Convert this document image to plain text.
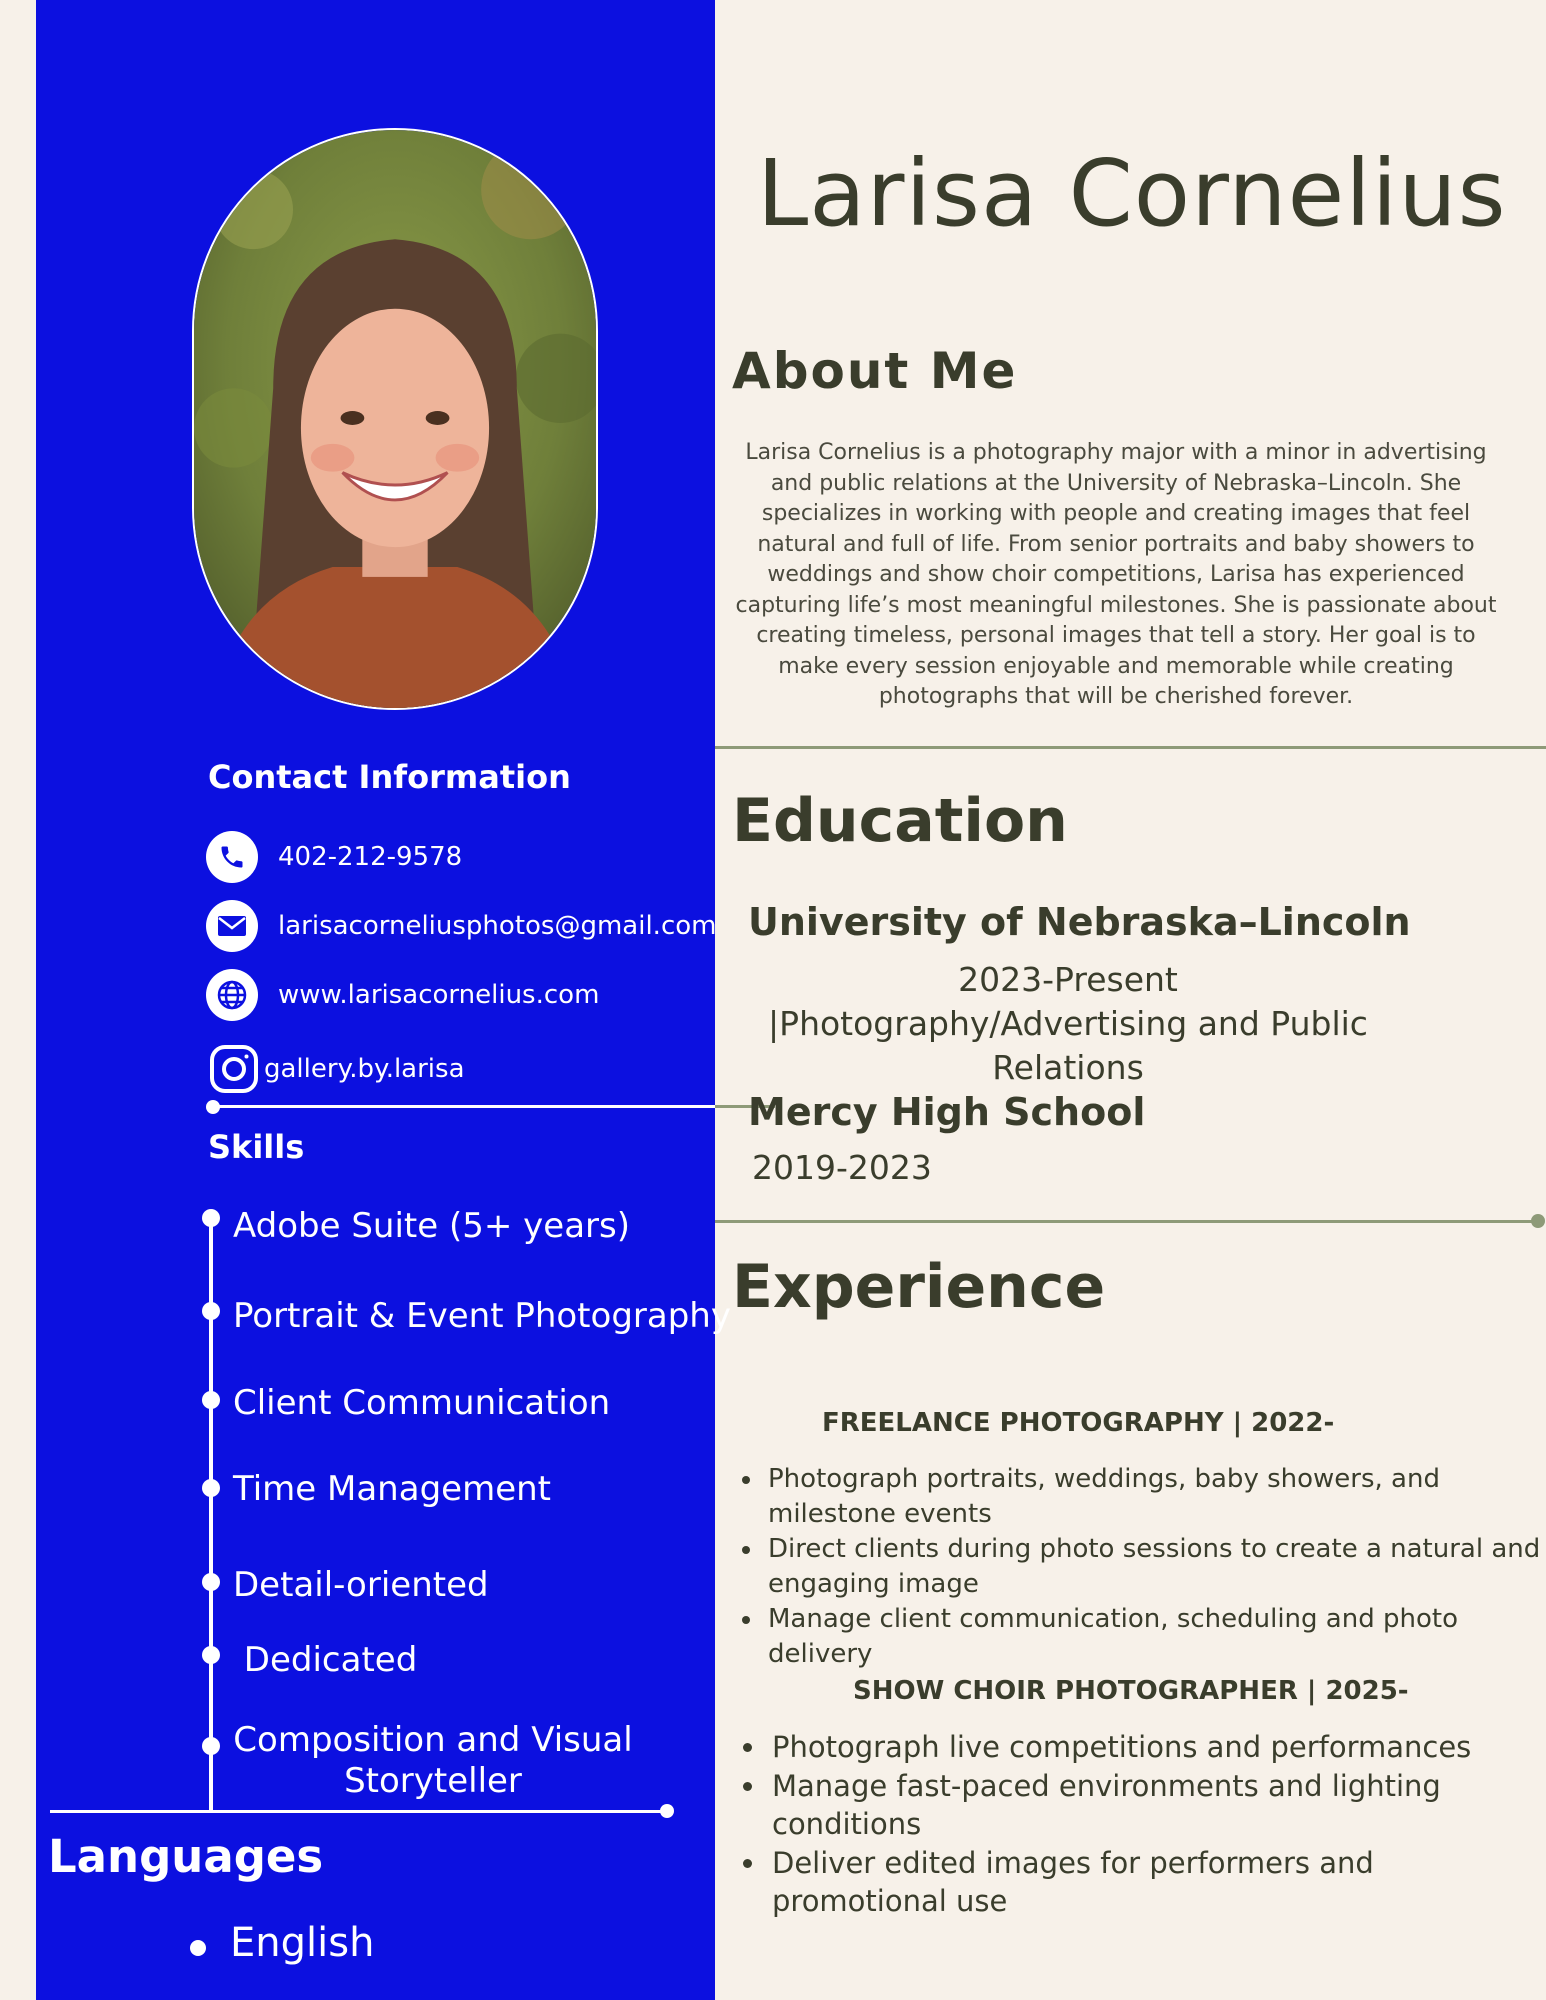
Contact Information
402-212-9578
larisacorneliusphotos@gmail.com
www.larisacornelius.com
gallery.by.larisa
Skills
Adobe Suite (5+ years)
Portrait & Event Photography
Client Communication
Time Management
Detail-oriented
Dedicated
Composition and Visual Storyteller
Languages
English
Larisa Cornelius
About Me
Larisa Cornelius is a photography major with a minor in advertising and public relations at the University of Nebraska–Lincoln. She specializes in working with people and creating images that feel natural and full of life. From senior portraits and baby showers to weddings and show choir competitions, Larisa has experienced capturing life’s most meaningful milestones. She is passionate about creating timeless, personal images that tell a story. Her goal is to make every session enjoyable and memorable while creating photographs that will be cherished forever.
Education
University of Nebraska–Lincoln
2023-Present |Photography/Advertising and Public Relations
Mercy High School
2019-2023
Experience
FREELANCE PHOTOGRAPHY | 2022-
• Photograph portraits, weddings, baby showers, and milestone events
• Direct clients during photo sessions to create a natural and engaging image
• Manage client communication, scheduling and photo delivery
SHOW CHOIR PHOTOGRAPHER | 2025-
• Photograph live competitions and performances
• Manage fast-paced environments and lighting conditions
• Deliver edited images for performers and promotional use
